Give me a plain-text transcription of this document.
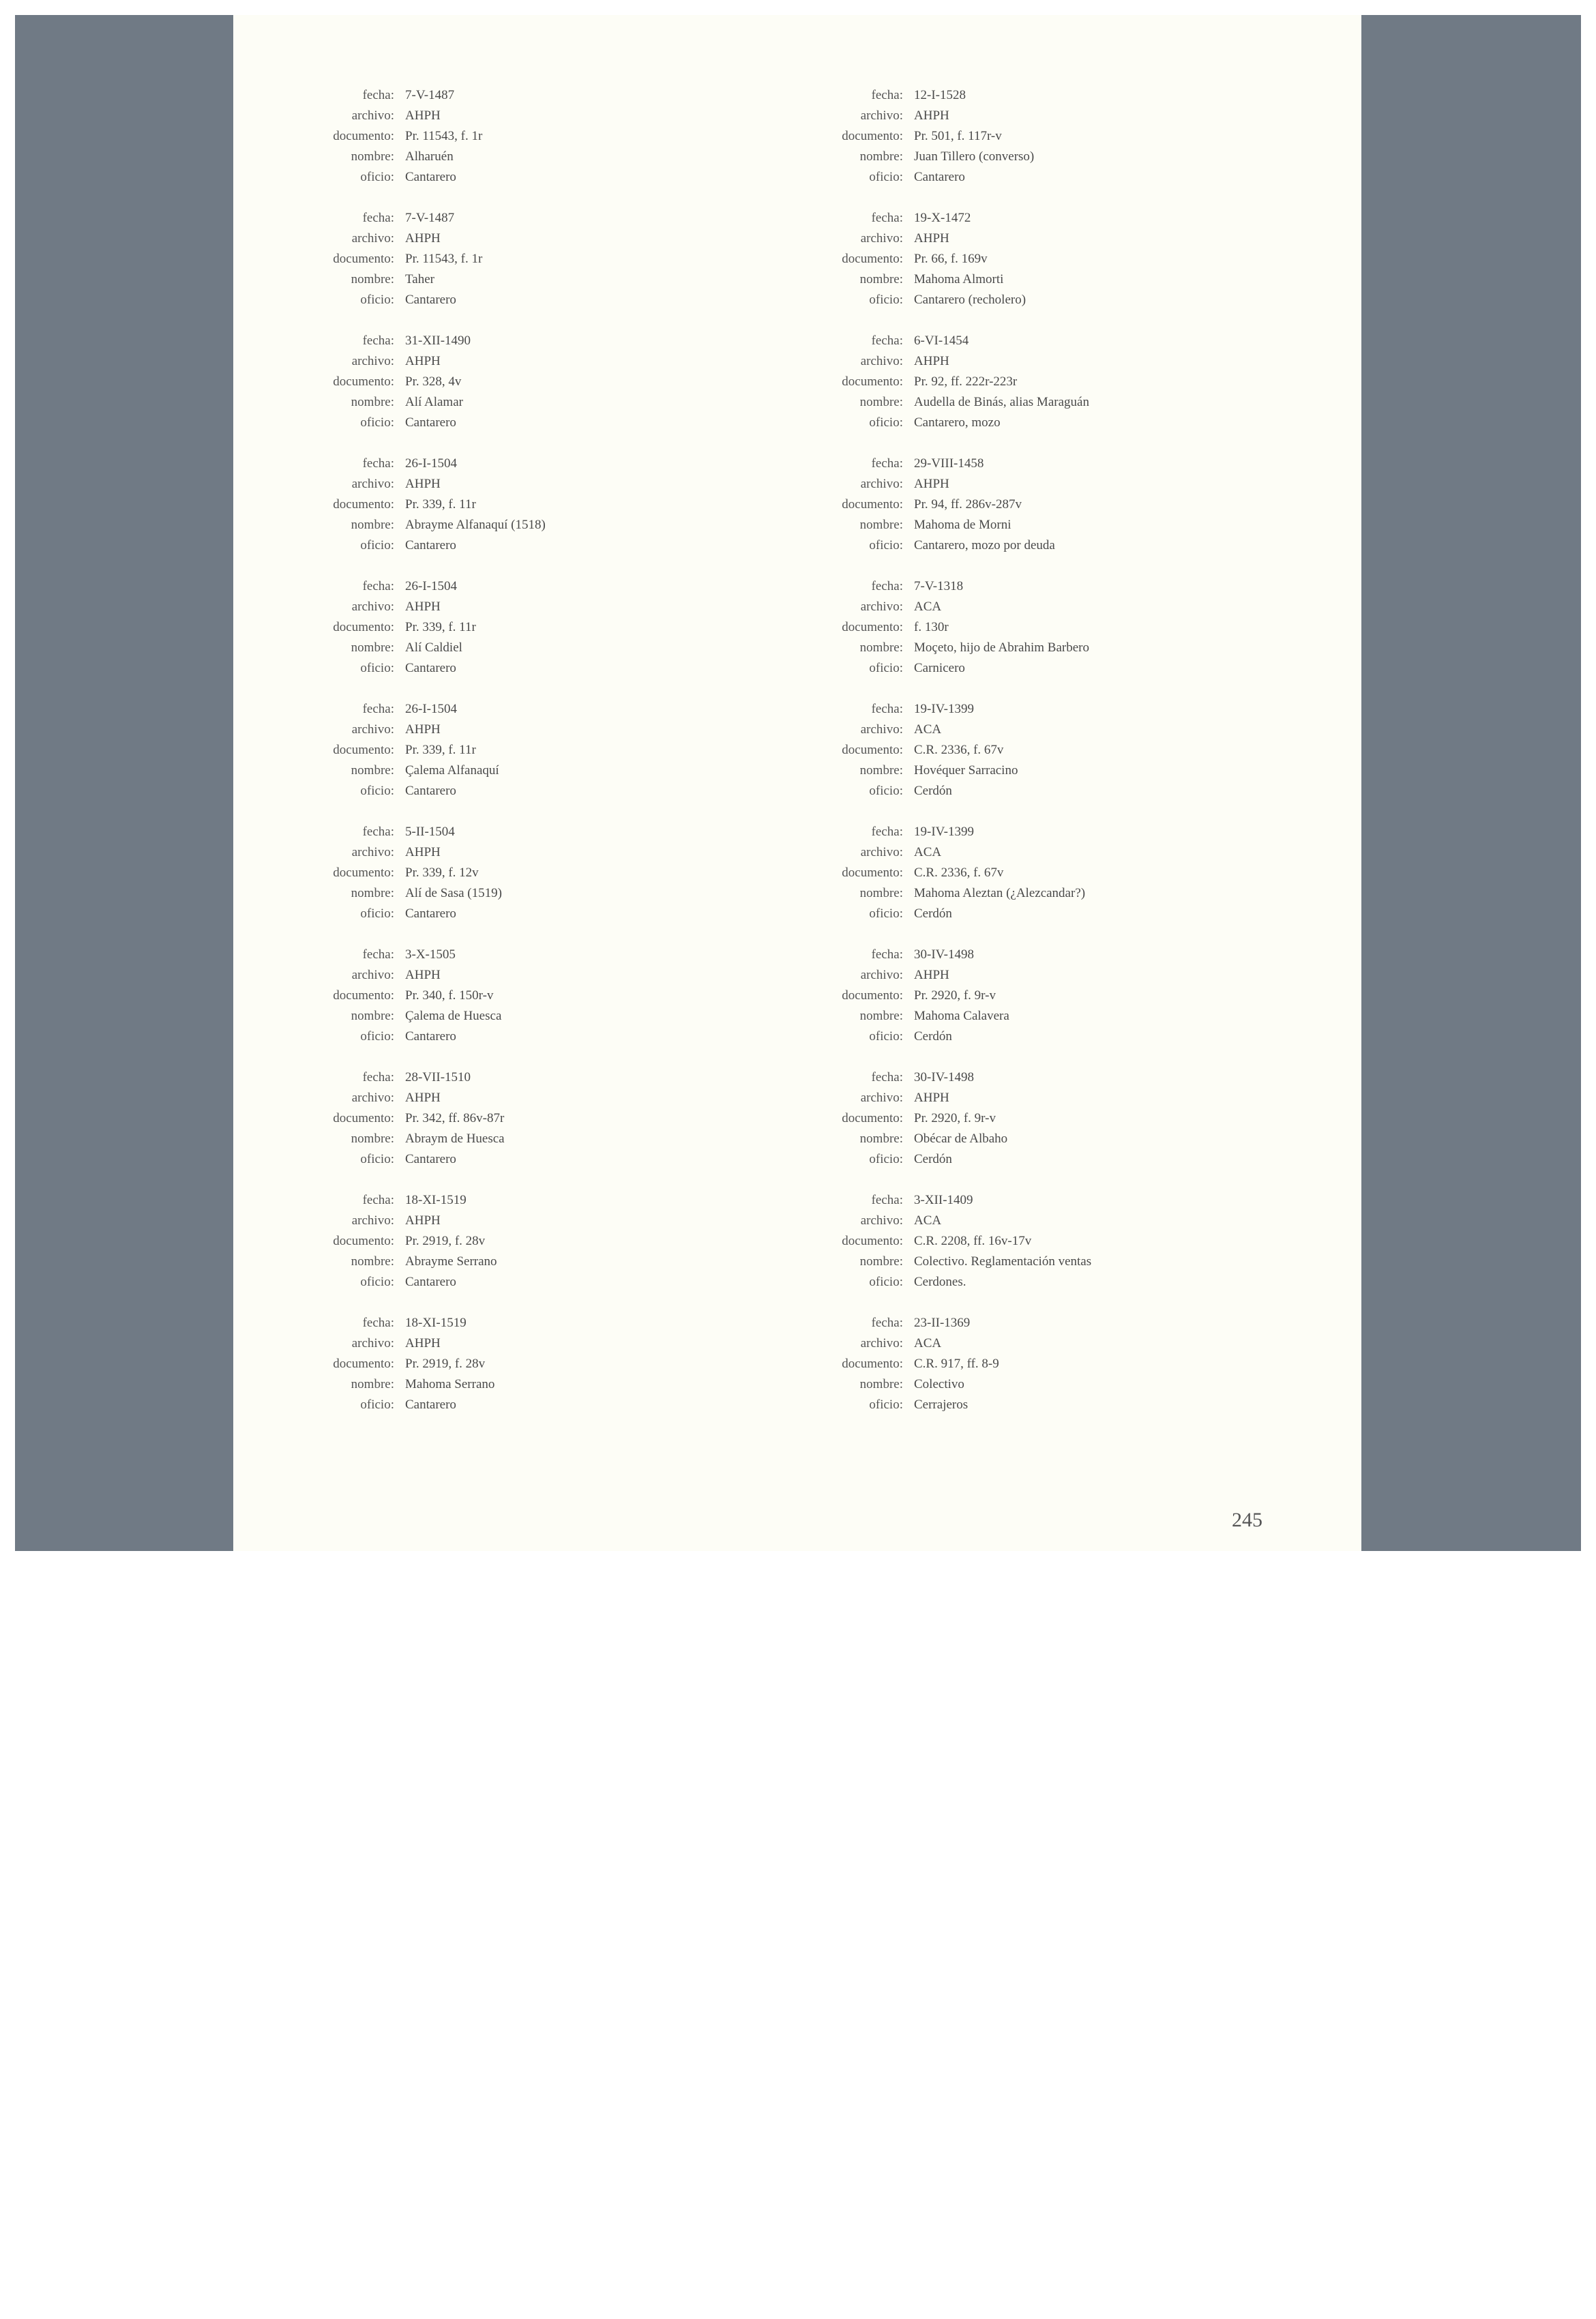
fecha: 7-V-1487
archivo: AHPH
documento: Pr. 11543, f. 1r
nombre: Alharuén
oficio: Cantarero
fecha: 7-V-1487
archivo: AHPH
documento: Pr. 11543, f. 1r
nombre: Taher
oficio: Cantarero
fecha: 31-XII-1490
archivo: AHPH
documento: Pr. 328, 4v
nombre: Alí Alamar
oficio: Cantarero
fecha: 26-I-1504
archivo: AHPH
documento: Pr. 339, f. 11r
nombre: Abrayme Alfanaquí (1518)
oficio: Cantarero
fecha: 26-I-1504
archivo: AHPH
documento: Pr. 339, f. 11r
nombre: Alí Caldiel
oficio: Cantarero
fecha: 26-I-1504
archivo: AHPH
documento: Pr. 339, f. 11r
nombre: Çalema Alfanaquí
oficio: Cantarero
fecha: 5-II-1504
archivo: AHPH
documento: Pr. 339, f. 12v
nombre: Alí de Sasa (1519)
oficio: Cantarero
fecha: 3-X-1505
archivo: AHPH
documento: Pr. 340, f. 150r-v
nombre: Çalema de Huesca
oficio: Cantarero
fecha: 28-VII-1510
archivo: AHPH
documento: Pr. 342, ff. 86v-87r
nombre: Abraym de Huesca
oficio: Cantarero
fecha: 18-XI-1519
archivo: AHPH
documento: Pr. 2919, f. 28v
nombre: Abrayme Serrano
oficio: Cantarero
fecha: 18-XI-1519
archivo: AHPH
documento: Pr. 2919, f. 28v
nombre: Mahoma Serrano
oficio: Cantarero
fecha: 12-I-1528
archivo: AHPH
documento: Pr. 501, f. 117r-v
nombre: Juan Tillero (converso)
oficio: Cantarero
fecha: 19-X-1472
archivo: AHPH
documento: Pr. 66, f. 169v
nombre: Mahoma Almorti
oficio: Cantarero (recholero)
fecha: 6-VI-1454
archivo: AHPH
documento: Pr. 92, ff. 222r-223r
nombre: Audella de Binás, alias Maraguán
oficio: Cantarero, mozo
fecha: 29-VIII-1458
archivo: AHPH
documento: Pr. 94, ff. 286v-287v
nombre: Mahoma de Morni
oficio: Cantarero, mozo por deuda
fecha: 7-V-1318
archivo: ACA
documento: f. 130r
nombre: Moçeto, hijo de Abrahim Barbero
oficio: Carnicero
fecha: 19-IV-1399
archivo: ACA
documento: C.R. 2336, f. 67v
nombre: Hovéquer Sarracino
oficio: Cerdón
fecha: 19-IV-1399
archivo: ACA
documento: C.R. 2336, f. 67v
nombre: Mahoma Aleztan (¿Alezcandar?)
oficio: Cerdón
fecha: 30-IV-1498
archivo: AHPH
documento: Pr. 2920, f. 9r-v
nombre: Mahoma Calavera
oficio: Cerdón
fecha: 30-IV-1498
archivo: AHPH
documento: Pr. 2920, f. 9r-v
nombre: Obécar de Albaho
oficio: Cerdón
fecha: 3-XII-1409
archivo: ACA
documento: C.R. 2208, ff. 16v-17v
nombre: Colectivo. Reglamentación ventas
oficio: Cerdones.
fecha: 23-II-1369
archivo: ACA
documento: C.R. 917, ff. 8-9
nombre: Colectivo
oficio: Cerrajeros
245
